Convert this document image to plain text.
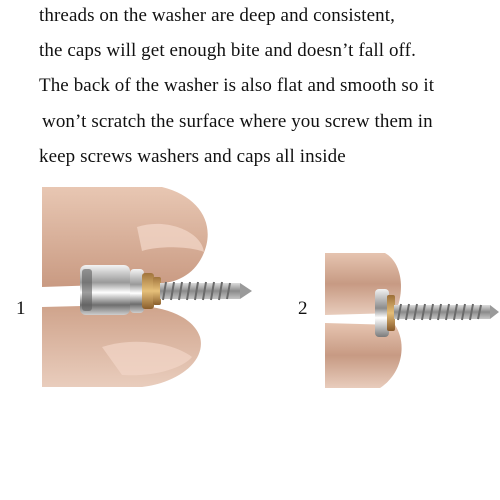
threads on the washer are deep and consistent,
the caps will get enough bite and doesn’t fall off.
The back of the washer is also flat and smooth so it
won’t scratch the surface where you screw them in
keep screws washers and caps all inside
1	2
